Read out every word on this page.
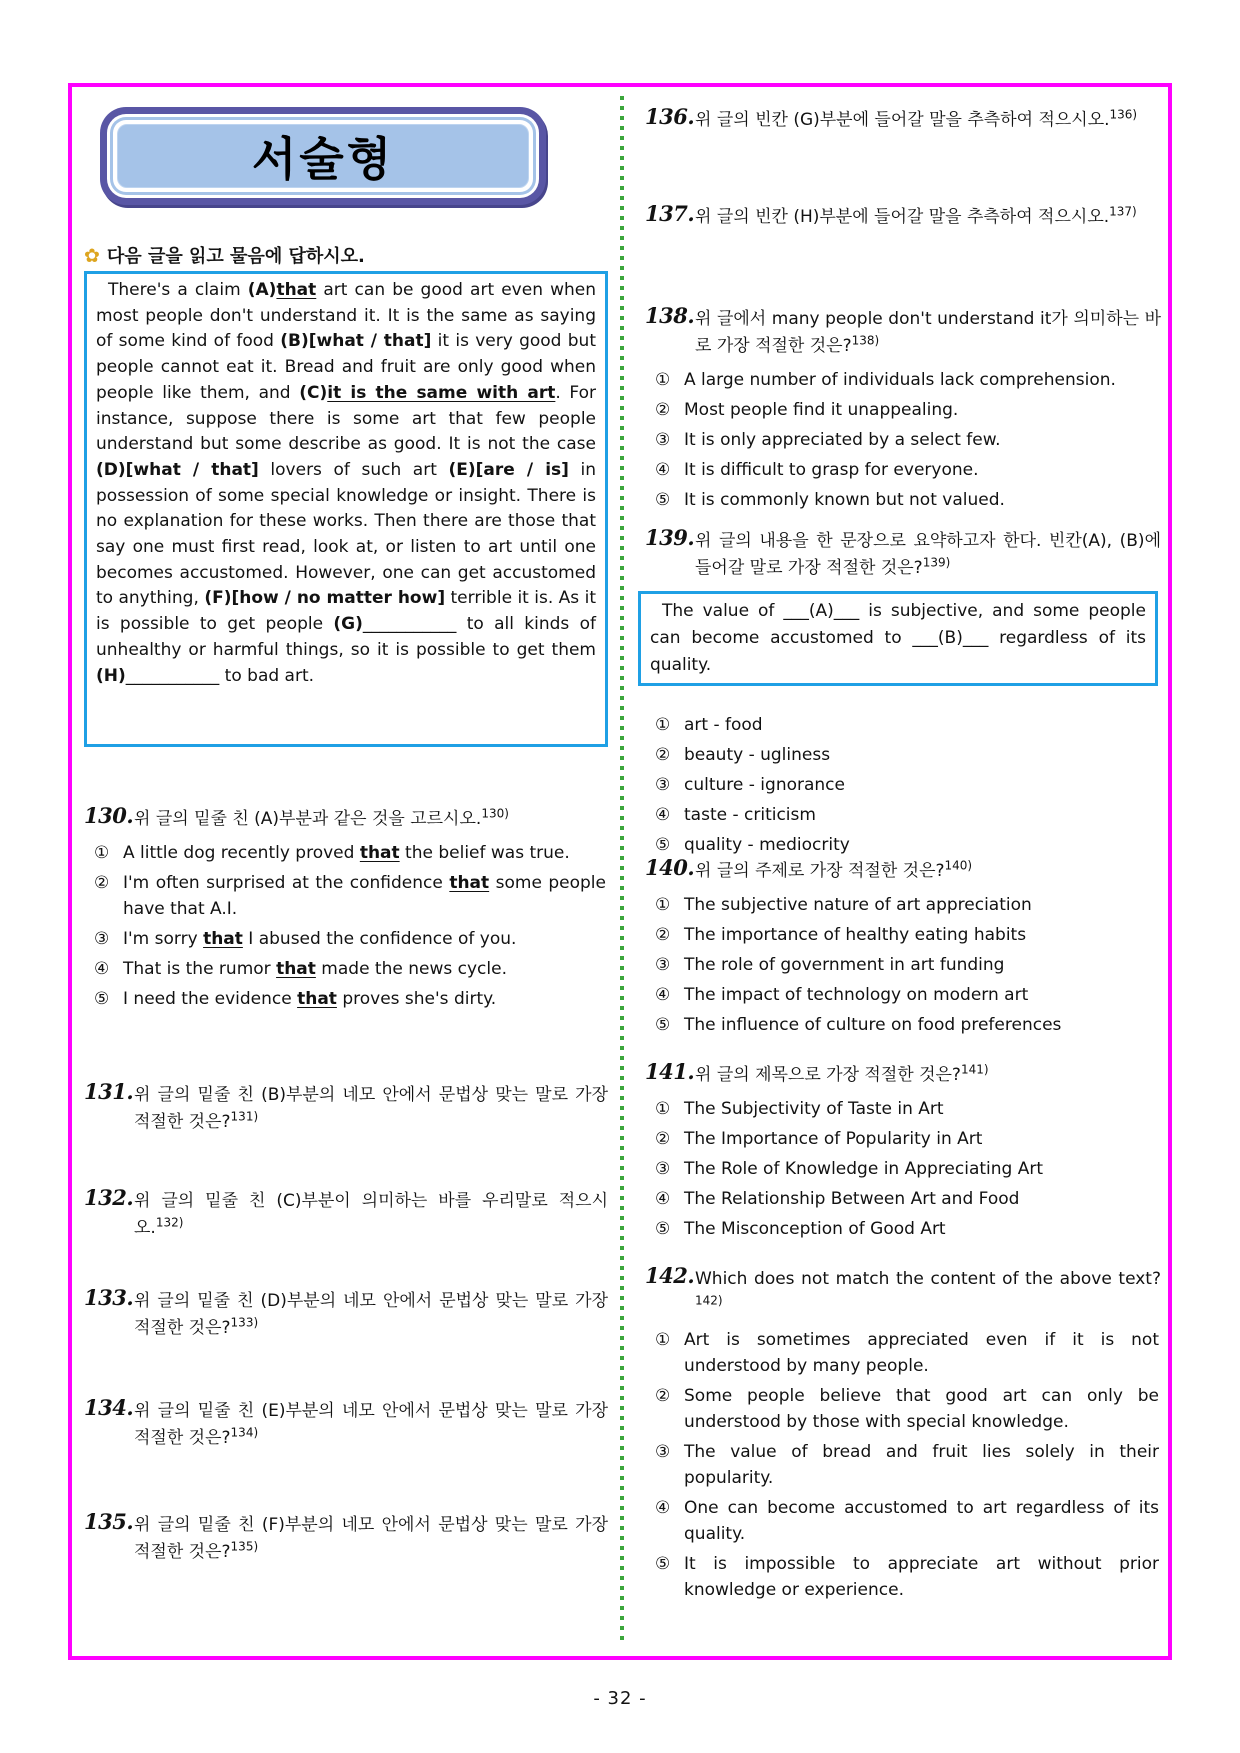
서술형
✿ 다음 글을 읽고 물음에 답하시오.

There's a claim (A)that art can be good art even when most people don't understand it. It is the same as saying of some kind of food (B)[what / that] it is very good but people cannot eat it. Bread and fruit are only good when people like them, and (C)it is the same with art. For instance, suppose there is some art that few people understand but some describe as good. It is not the case (D)[what / that] lovers of such art (E)[are / is] in possession of some special knowledge or insight. There is no explanation for these works. Then there are those that say one must first read, look at, or listen to art until one becomes accustomed. However, one can get accustomed to anything, (F)[how / no matter how] terrible it is. As it is possible to get people (G)___________ to all kinds of unhealthy or harmful things, so it is possible to get them (H)___________ to bad art.

130. 위 글의 밑줄 친 (A)부분과 같은 것을 고르시오.$^{130)}$
① A little dog recently proved that the belief was true.
② I'm often surprised at the confidence that some people have that A.I.
③ I'm sorry that I abused the confidence of you.
④ That is the rumor that made the news cycle.
⑤ I need the evidence that proves she's dirty.
131. 위 글의 밑줄 친 (B)부분의 네모 안에서 문법상 맞는 말로 가장 적절한 것은?$^{131)}$
132. 위 글의 밑줄 친 (C)부분이 의미하는 바를 우리말로 적으시오.$^{132)}$
133. 위 글의 밑줄 친 (D)부분의 네모 안에서 문법상 맞는 말로 가장 적절한 것은?$^{133)}$
134. 위 글의 밑줄 친 (E)부분의 네모 안에서 문법상 맞는 말로 가장 적절한 것은?$^{134)}$
135. 위 글의 밑줄 친 (F)부분의 네모 안에서 문법상 맞는 말로 가장 적절한 것은?$^{135)}$
136. 위 글의 빈칸 (G)부분에 들어갈 말을 추측하여 적으시오.$^{136)}$
137. 위 글의 빈칸 (H)부분에 들어갈 말을 추측하여 적으시오.$^{137)}$
138. 위 글에서 many people don't understand it가 의미하는 바로 가장 적절한 것은?$^{138)}$
① A large number of individuals lack comprehension.
② Most people find it unappealing.
③ It is only appreciated by a select few.
④ It is difficult to grasp for everyone.
⑤ It is commonly known but not valued.
139. 위 글의 내용을 한 문장으로 요약하고자 한다. 빈칸(A), (B)에 들어갈 말로 가장 적절한 것은?$^{139)}$
The value of ___(A)___ is subjective, and some people can become accustomed to ___(B)___ regardless of its quality.
① art - food
② beauty - ugliness
③ culture - ignorance
④ taste - criticism
⑤ quality - mediocrity
140. 위 글의 주제로 가장 적절한 것은?$^{140)}$
① The subjective nature of art appreciation
② The importance of healthy eating habits
③ The role of government in art funding
④ The impact of technology on modern art
⑤ The influence of culture on food preferences
141. 위 글의 제목으로 가장 적절한 것은?$^{141)}$
① The Subjectivity of Taste in Art
② The Importance of Popularity in Art
③ The Role of Knowledge in Appreciating Art
④ The Relationship Between Art and Food
⑤ The Misconception of Good Art
142. Which does not match the content of the above text?$^{142)}$
① Art is sometimes appreciated even if it is not understood by many people.
② Some people believe that good art can only be understood by those with special knowledge.
③ The value of bread and fruit lies solely in their popularity.
④ One can become accustomed to art regardless of its quality.
⑤ It is impossible to appreciate art without prior knowledge or experience.
- 32 -
